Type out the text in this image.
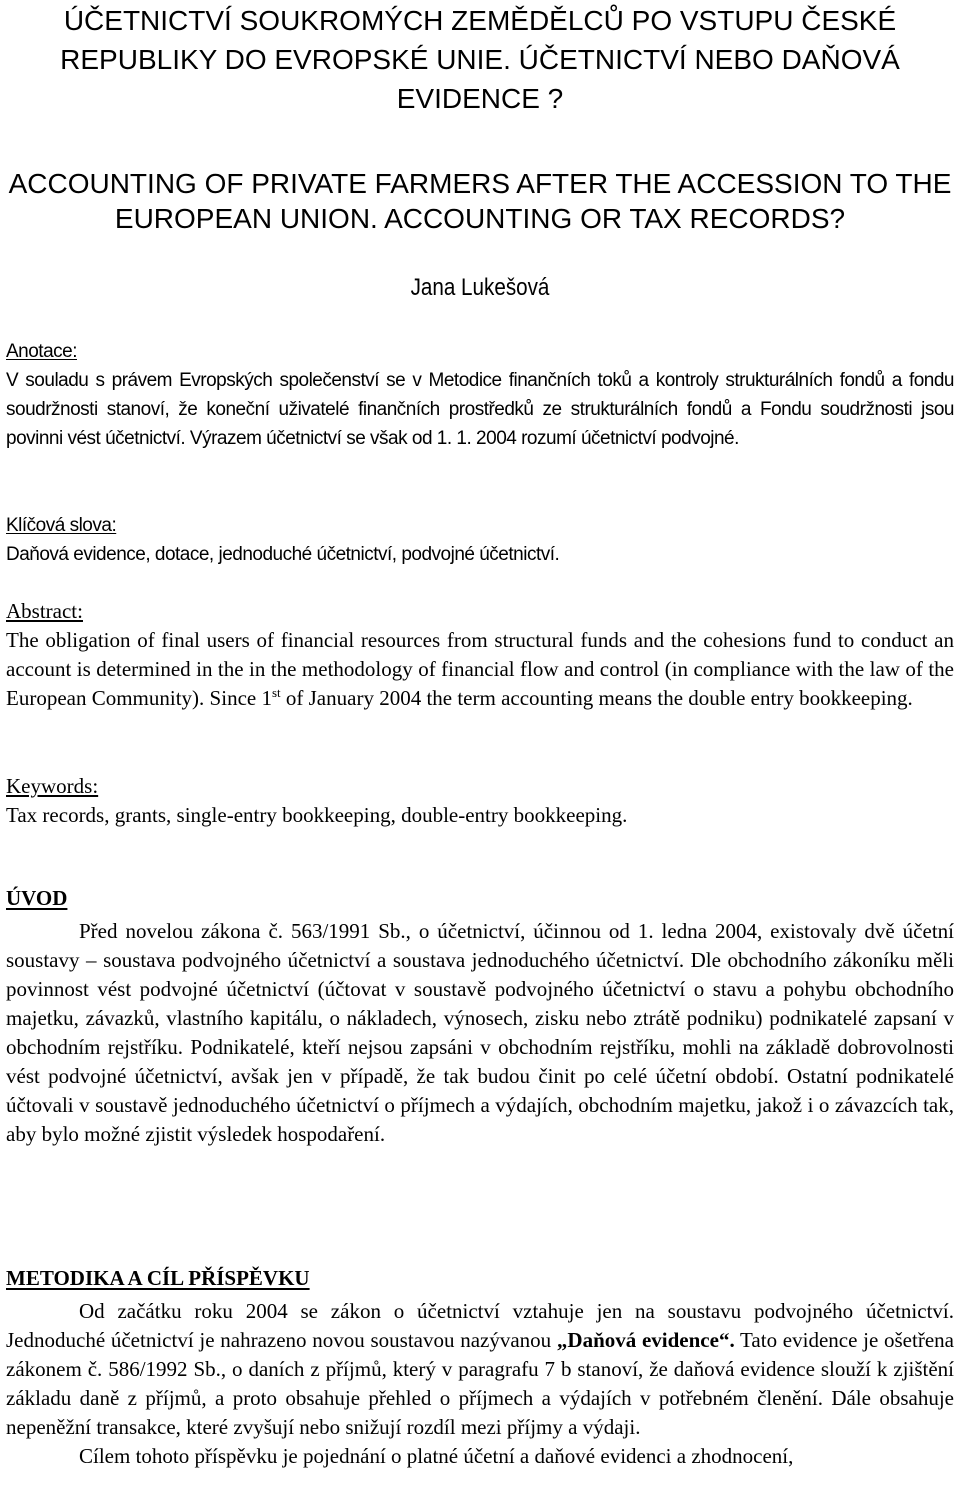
ÚČETNICTVÍ SOUKROMÝCH ZEMĚDĚLCŮ PO VSTUPU ČESKÉ REPUBLIKY DO EVROPSKÉ UNIE. ÚČETNICTVÍ NEBO DAŇOVÁ EVIDENCE ?

ACCOUNTING OF PRIVATE FARMERS AFTER THE ACCESSION TO THE EUROPEAN UNION. ACCOUNTING OR TAX RECORDS?

Jana Lukešová
Anotace:

V souladu s právem Evropských společenství se v Metodice finančních toků a kontroly strukturálních fondů a fondu soudržnosti stanoví, že koneční uživatelé finančních prostředků ze strukturálních fondů a Fondu soudržnosti jsou povinni vést účetnictví. Výrazem účetnictví se však od 1. 1. 2004 rozumí účetnictví podvojné.

Klíčová slova:

Daňová evidence, dotace, jednoduché účetnictví, podvojné účetnictví.

Abstract:

The obligation of final users of financial resources from structural funds and the cohesions fund to conduct an account is determined in the in the methodology of financial flow and control (in compliance with the law of the European Community). Since 1st of January 2004 the term accounting means the double entry bookkeeping.

Keywords:

Tax records, grants, single-entry bookkeeping, double-entry bookkeeping.

ÚVOD

Před novelou zákona č. 563/1991 Sb., o účetnictví, účinnou od 1. ledna 2004, existovaly dvě účetní soustavy – soustava podvojného účetnictví a soustava jednoduchého účetnictví. Dle obchodního zákoníku měli povinnost vést podvojné účetnictví (účtovat v soustavě podvojného účetnictví o stavu a pohybu obchodního majetku, závazků, vlastního kapitálu, o nákladech, výnosech, zisku nebo ztrátě podniku) podnikatelé zapsaní v obchodním rejstříku. Podnikatelé, kteří nejsou zapsáni v obchodním rejstříku, mohli na základě dobrovolnosti vést podvojné účetnictví, avšak jen v případě, že tak budou činit po celé účetní období. Ostatní podnikatelé účtovali v soustavě jednoduchého účetnictví o příjmech a výdajích, obchodním majetku, jakož i o závazcích tak, aby bylo možné zjistit výsledek hospodaření.

METODIKA A CÍL PŘÍSPĚVKU

Od začátku roku 2004 se zákon o účetnictví vztahuje jen na soustavu podvojného účetnictví. Jednoduché účetnictví je nahrazeno novou soustavou nazývanou „Daňová evidence“. Tato evidence je ošetřena zákonem č. 586/1992 Sb., o daních z příjmů, který v paragrafu 7 b stanoví, že daňová evidence slouží k zjištění základu daně z příjmů, a proto obsahuje přehled o příjmech a výdajích v potřebném členění. Dále obsahuje nepeněžní transakce, které zvyšují nebo snižují rozdíl mezi příjmy a výdaji.

Cílem tohoto příspěvku je pojednání o platné účetní a daňové evidenci a zhodnocení,
